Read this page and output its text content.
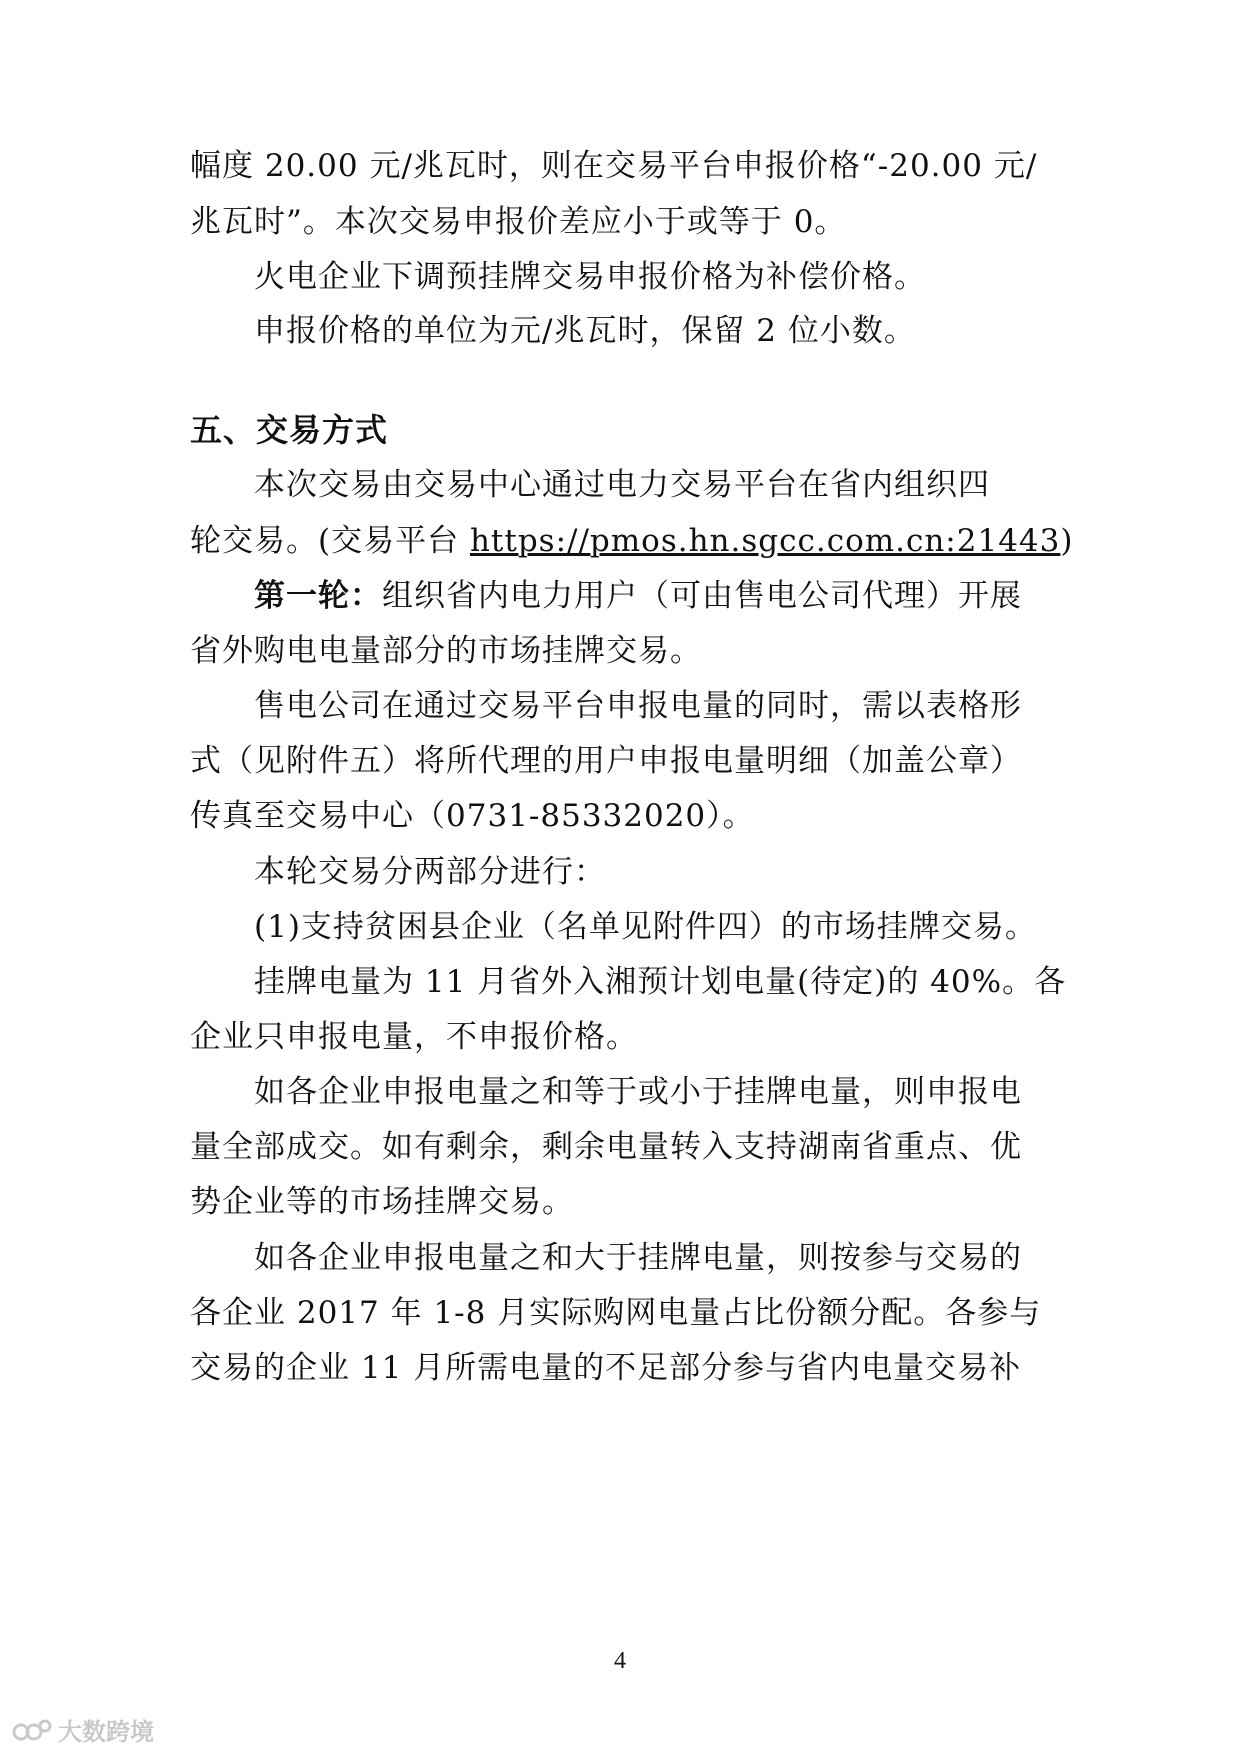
幅度 20.00 元/兆瓦时，则在交易平台申报价格“-20.00 元/
兆瓦时”。本次交易申报价差应小于或等于 0。
火电企业下调预挂牌交易申报价格为补偿价格。
申报价格的单位为元/兆瓦时，保留 2 位小数。
五、交易方式
本次交易由交易中心通过电力交易平台在省内组织四
轮交易。(交易平台 https://pmos.hn.sgcc.com.cn:21443)
第一轮：组织省内电力用户（可由售电公司代理）开展
省外购电电量部分的市场挂牌交易。
售电公司在通过交易平台申报电量的同时，需以表格形
式（见附件五）将所代理的用户申报电量明细（加盖公章）
传真至交易中心（0731-85332020）。
本轮交易分两部分进行：
(1)支持贫困县企业（名单见附件四）的市场挂牌交易。
挂牌电量为 11 月省外入湘预计划电量(待定)的 40%。各
企业只申报电量，不申报价格。
如各企业申报电量之和等于或小于挂牌电量，则申报电
量全部成交。如有剩余，剩余电量转入支持湖南省重点、优
势企业等的市场挂牌交易。
如各企业申报电量之和大于挂牌电量，则按参与交易的
各企业 2017 年 1-8 月实际购网电量占比份额分配。各参与
交易的企业 11 月所需电量的不足部分参与省内电量交易补
4
大数跨境
